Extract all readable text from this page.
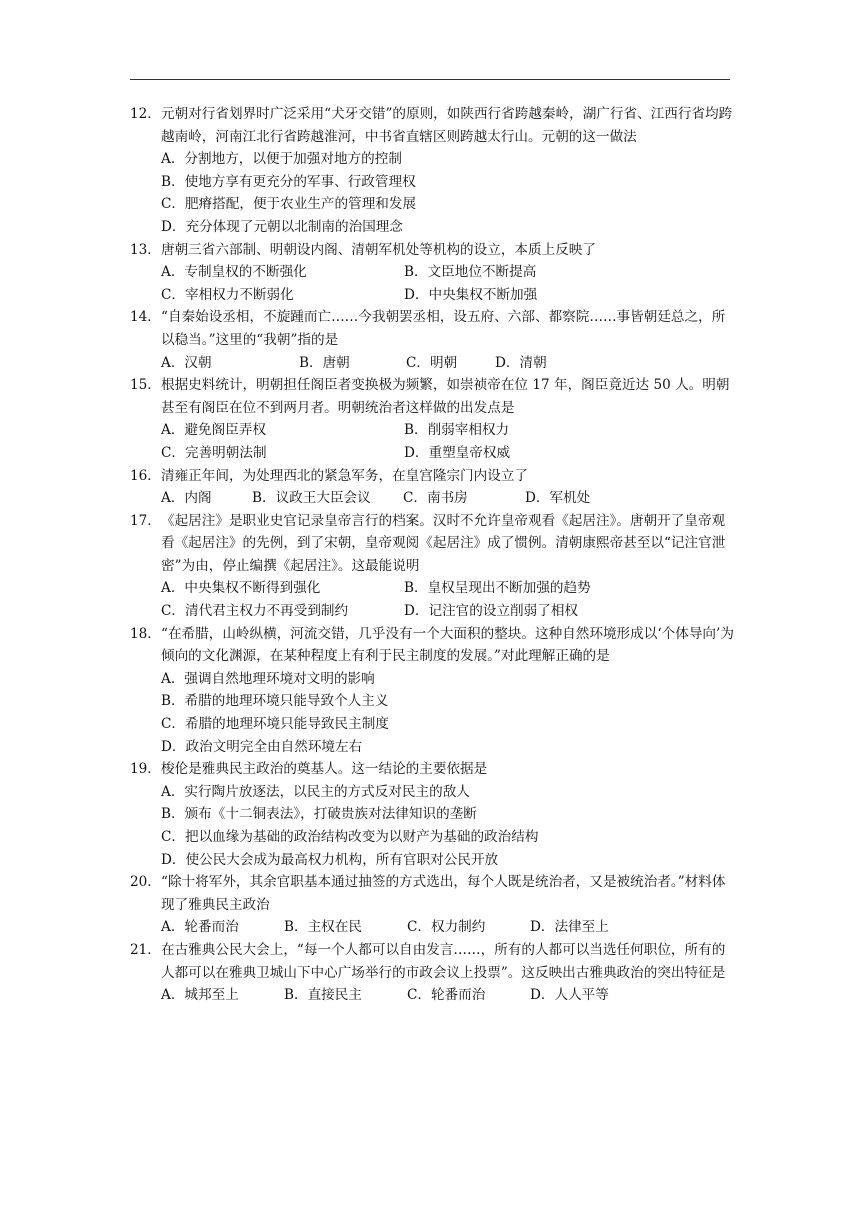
12． 元朝对行省划界时广泛采用“犬牙交错”的原则，如陕西行省跨越秦岭，湖广行省、江西行省均跨越南岭，河南江北行省跨越淮河，中书省直辖区则跨越太行山。元朝的这一做法
A．分割地方，以便于加强对地方的控制
B．使地方享有更充分的军事、行政管理权
C．肥瘠搭配，便于农业生产的管理和发展
D．充分体现了元朝以北制南的治国理念
13． 唐朝三省六部制、明朝设内阁、清朝军机处等机构的设立，本质上反映了
A．专制皇权的不断强化	B．文臣地位不断提高
C．宰相权力不断弱化	D．中央集权不断加强
14． “自秦始设丞相，不旋踵而亡……今我朝罢丞相，设五府、六部、都察院……事皆朝廷总之，所以稳当。”这里的“我朝”指的是
A．汉朝	B．唐朝	C．明朝	D．清朝
15． 根据史料统计，明朝担任阁臣者变换极为频繁，如崇祯帝在位 17 年，阁臣竟近达 50 人。明朝甚至有阁臣在位不到两月者。明朝统治者这样做的出发点是
A．避免阁臣弄权	B．削弱宰相权力
C．完善明朝法制	D．重塑皇帝权威
16． 清雍正年间，为处理西北的紧急军务，在皇宫隆宗门内设立了
A．内阁	B．议政王大臣会议 C．南书房	D．军机处
17． 《起居注》是职业史官记录皇帝言行的档案。汉时不允许皇帝观看《起居注》。唐朝开了皇帝观看《起居注》的先例，到了宋朝，皇帝观阅《起居注》成了惯例。清朝康熙帝甚至以“记注官泄密”为由，停止编撰《起居注》。这最能说明
A．中央集权不断得到强化	B．皇权呈现出不断加强的趋势
C．清代君主权力不再受到制约	D．记注官的设立削弱了相权
18． “在希腊，山岭纵横，河流交错，几乎没有一个大面积的整块。这种自然环境形成以‘个体导向’为倾向的文化渊源，在某种程度上有利于民主制度的发展。”对此理解正确的是
A．强调自然地理环境对文明的影响
B．希腊的地理环境只能导致个人主义
C．希腊的地理环境只能导致民主制度
D．政治文明完全由自然环境左右
19． 梭伦是雅典民主政治的奠基人。这一结论的主要依据是
A．实行陶片放逐法，以民主的方式反对民主的敌人
B．颁布《十二铜表法》，打破贵族对法律知识的垄断
C．把以血缘为基础的政治结构改变为以财产为基础的政治结构
D．使公民大会成为最高权力机构，所有官职对公民开放
20． “除十将军外，其余官职基本通过抽签的方式选出，每个人既是统治者，又是被统治者。”材料体现了雅典民主政治
A．轮番而治	B．主权在民	C．权力制约	D．法律至上
21． 在古雅典公民大会上，“每一个人都可以自由发言……，所有的人都可以当选任何职位，所有的人都可以在雅典卫城山下中心广场举行的市政会议上投票”。这反映出古雅典政治的突出特征是
A．城邦至上	B．直接民主	C．轮番而治	D．人人平等
